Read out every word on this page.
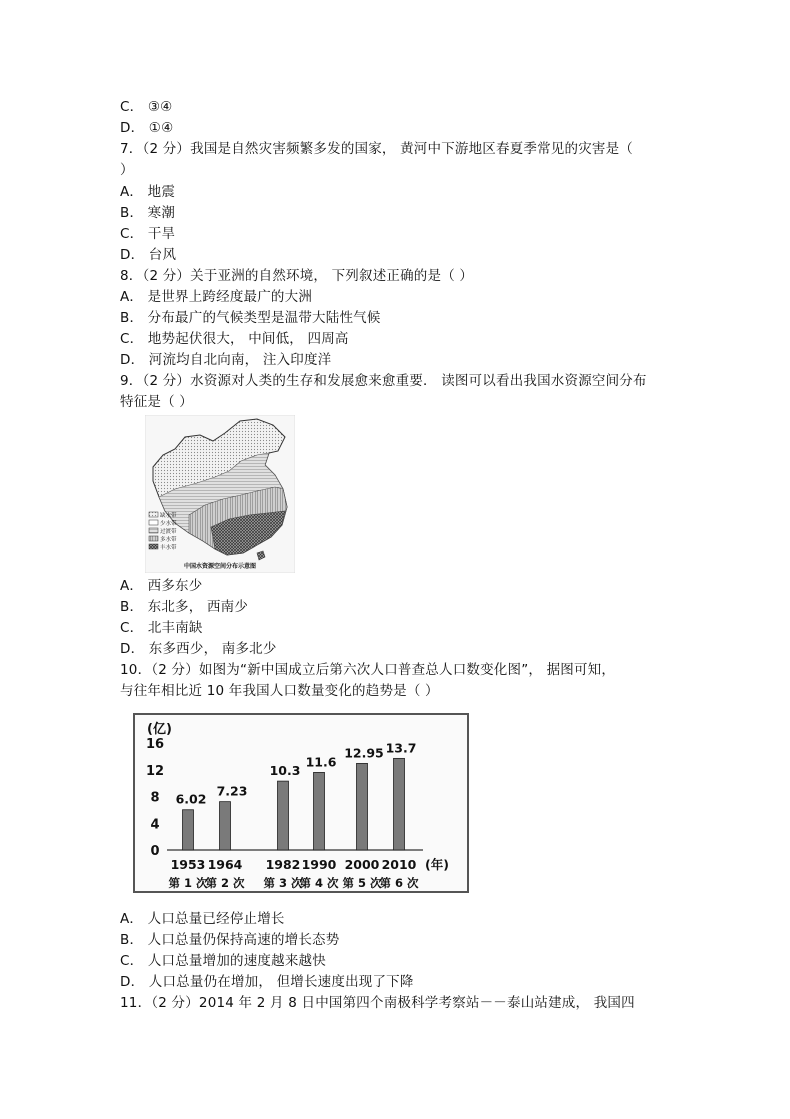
C． ③④
D． ①④
7．（2 分）我国是自然灾害频繁多发的国家， 黄河中下游地区春夏季常见的灾害是（
）
A． 地震
B． 寒潮
C． 干旱
D． 台风
8．（2 分）关于亚洲的自然环境， 下列叙述正确的是（ ）
A． 是世界上跨经度最广的大洲
B． 分布最广的气候类型是温带大陆性气候
C． 地势起伏很大， 中间低， 四周高
D． 河流均自北向南， 注入印度洋
9．（2 分）水资源对人类的生存和发展愈来愈重要． 读图可以看出我国水资源空间分布
特征是（ ）
A． 西多东少
B． 东北多， 西南少
C． 北丰南缺
D． 东多西少， 南多北少
10．（2 分）如图为“新中国成立后第六次人口普查总人口数变化图”， 据图可知，
与往年相比近 10 年我国人口数量变化的趋势是（ ）
A． 人口总量已经停止增长
B． 人口总量仍保持高速的增长态势
C． 人口总量增加的速度越来越快
D． 人口总量仍在增加， 但增长速度出现了下降
11．（2 分）2014 年 2 月 8 日中国第四个南极科学考察站－－泰山站建成， 我国四
缺水带
少水带
过渡带
多水带
丰水带
中国水资源空间分布示意图
(亿)
0
4
8
12
16
6.02
1953
第 1 次
7.23
1964
第 2 次
10.3
1982
第 3 次
11.6
1990
第 4 次
12.95
2000
第 5 次
13.7
2010
第 6 次
(年)
